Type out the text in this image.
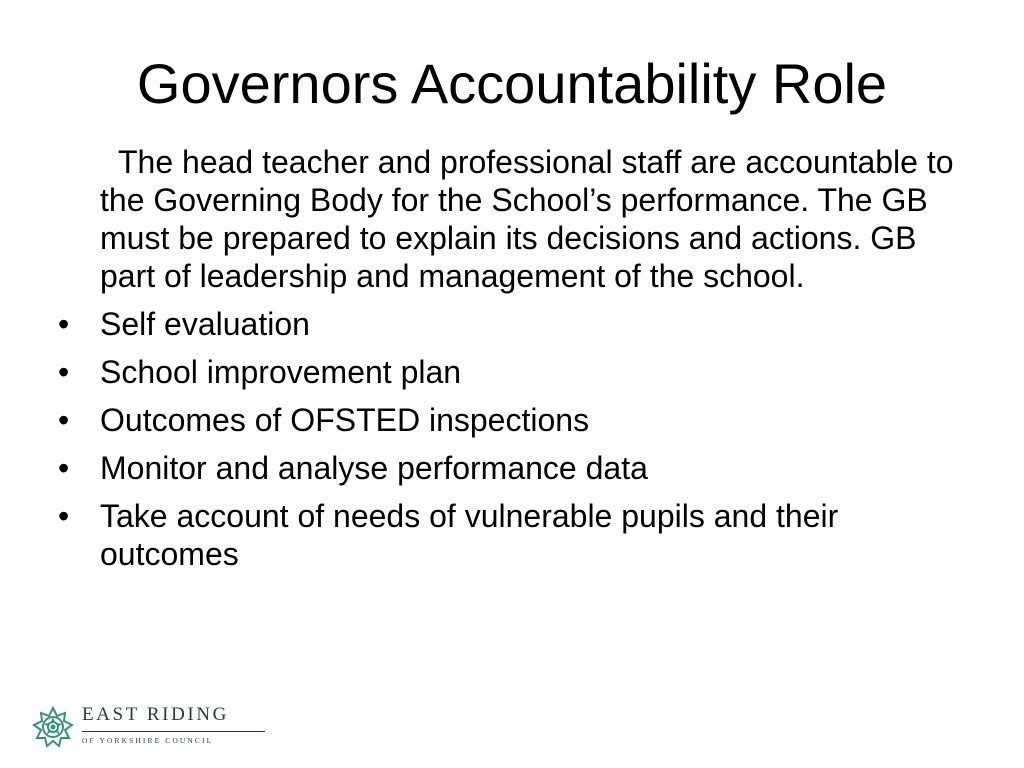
Governors Accountability Role

The head teacher and professional staff are accountable to the Governing Body for the School’s performance. The GB must be prepared to explain its decisions and actions. GB part of leadership and management of the school.

• Self evaluation
• School improvement plan
• Outcomes of OFSTED inspections
• Monitor and analyse performance data
• Take account of needs of vulnerable pupils and their outcomes
EAST RIDING
OF YORKSHIRE COUNCIL
